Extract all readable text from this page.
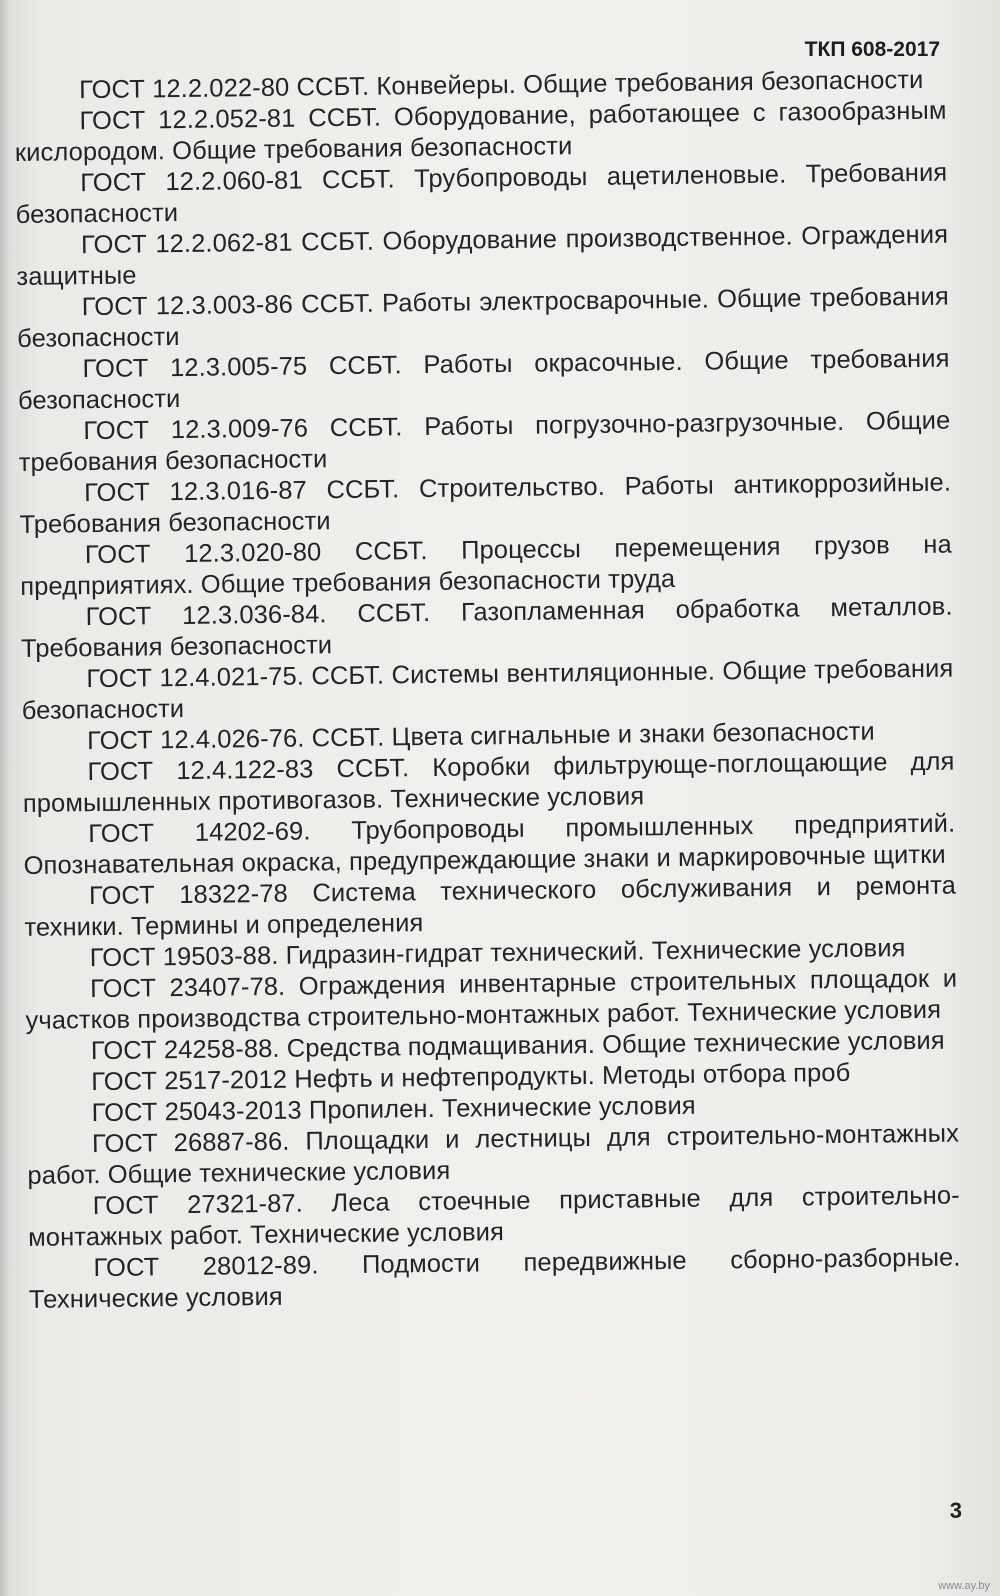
ТКП 608-2017

ГОСТ 12.2.022-80 ССБТ. Конвейеры. Общие требования безопасности

ГОСТ 12.2.052-81 ССБТ. Оборудование, работающее с газообразным кислородом. Общие требования безопасности

ГОСТ 12.2.060-81 ССБТ. Трубопроводы ацетиленовые. Требования безопасности

ГОСТ 12.2.062-81 ССБТ. Оборудование производственное. Ограждения защитные

ГОСТ 12.3.003-86 ССБТ. Работы электросварочные. Общие требования безопасности

ГОСТ 12.3.005-75 ССБТ. Работы окрасочные. Общие требования безопасности

ГОСТ 12.3.009-76 ССБТ. Работы погрузочно-разгрузочные. Общие требования безопасности

ГОСТ 12.3.016-87 ССБТ. Строительство. Работы антикоррозийные. Требования безопасности

ГОСТ 12.3.020-80 ССБТ. Процессы перемещения грузов на предприятиях. Общие требования безопасности труда

ГОСТ 12.3.036-84. ССБТ. Газопламенная обработка металлов. Требования безопасности

ГОСТ 12.4.021-75. ССБТ. Системы вентиляционные. Общие требования безопасности

ГОСТ 12.4.026-76. ССБТ. Цвета сигнальные и знаки безопасности

ГОСТ 12.4.122-83 ССБТ. Коробки фильтрующе-поглощающие для промышленных противогазов. Технические условия

ГОСТ 14202-69. Трубопроводы промышленных предприятий. Опознавательная окраска, предупреждающие знаки и маркировочные щитки

ГОСТ 18322-78 Система технического обслуживания и ремонта техники. Термины и определения

ГОСТ 19503-88. Гидразин-гидрат технический. Технические условия

ГОСТ 23407-78. Ограждения инвентарные строительных площадок и участков производства строительно-монтажных работ. Технические условия

ГОСТ 24258-88. Средства подмащивания. Общие технические условия

ГОСТ 2517-2012 Нефть и нефтепродукты. Методы отбора проб

ГОСТ 25043-2013 Пропилен. Технические условия

ГОСТ 26887-86. Площадки и лестницы для строительно-монтажных работ. Общие технические условия

ГОСТ 27321-87. Леса стоечные приставные для строительно-монтажных работ. Технические условия

ГОСТ 28012-89. Подмости передвижные сборно-разборные. Технические условия

3
www.ay.by
